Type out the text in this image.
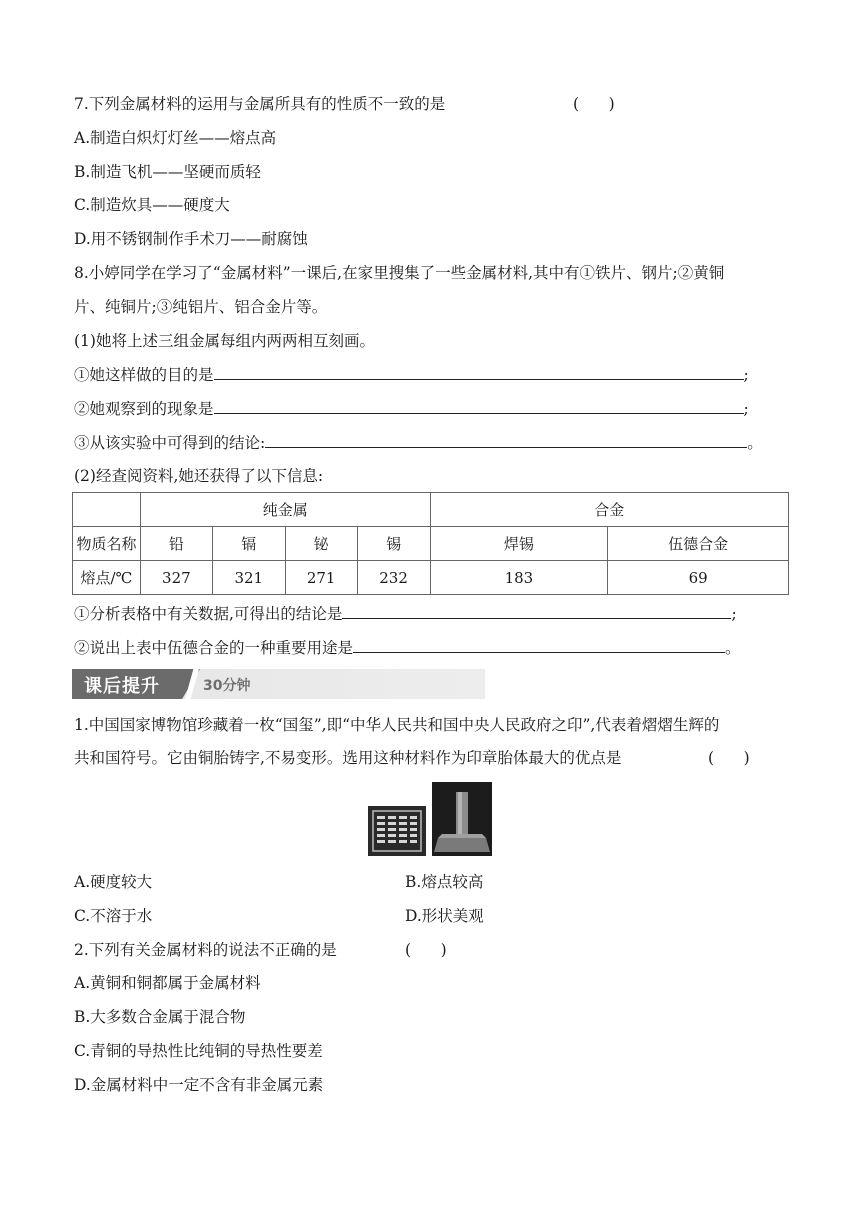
7.下列金属材料的运用与金属所具有的性质不一致的是	(      )
A.制造白炽灯灯丝——熔点高
B.制造飞机——坚硬而质轻
C.制造炊具——硬度大
D.用不锈钢制作手术刀——耐腐蚀
8.小婷同学在学习了“金属材料”一课后,在家里搜集了一些金属材料,其中有①铁片、钢片;②黄铜
片、纯铜片;③纯铝片、铝合金片等。
(1)她将上述三组金属每组内两两相互刻画。
①她这样做的目的是	;
②她观察到的现象是	;
③从该实验中可得到的结论:	。
(2)经查阅资料,她还获得了以下信息:
	纯金属				合金	
物质名称	铅	镉	铋	锡	焊锡	伍德合金
熔点/℃	327	321	271	232	183	69
①分析表格中有关数据,可得出的结论是	;
②说出上表中伍德合金的一种重要用途是	。
课后提升	30分钟
1.中国国家博物馆珍藏着一枚“国玺”,即“中华人民共和国中央人民政府之印”,代表着熠熠生辉的
共和国符号。它由铜胎铸字,不易变形。选用这种材料作为印章胎体最大的优点是	(      )
A.硬度较大	B.熔点较高
C.不溶于水	D.形状美观
2.下列有关金属材料的说法不正确的是	(      )
A.黄铜和铜都属于金属材料
B.大多数合金属于混合物
C.青铜的导热性比纯铜的导热性要差
D.金属材料中一定不含有非金属元素
